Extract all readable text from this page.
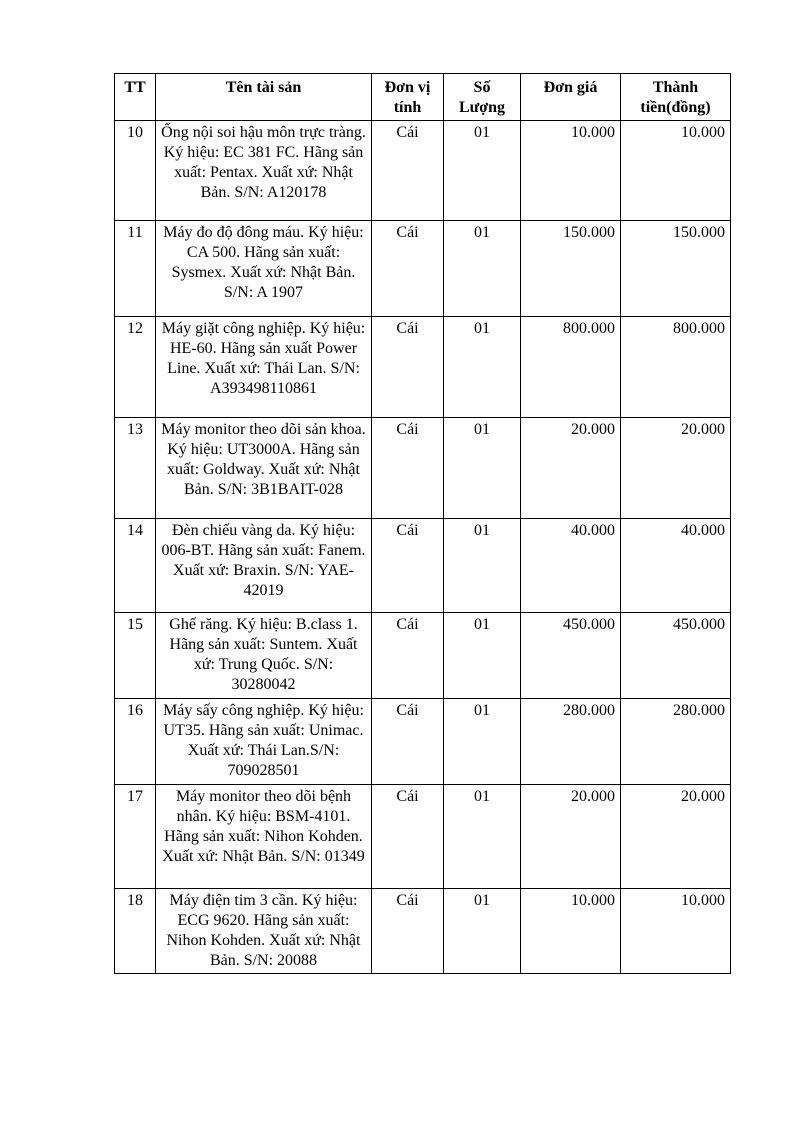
TT	Tên tài sản	Đơn vị tính	Số Lượng	Đơn giá	Thành tiền(đồng)
10	Ống nội soi hậu môn trực tràng. Ký hiệu: EC 381 FC. Hãng sản xuất: Pentax. Xuất xứ: Nhật Bản. S/N: A120178	Cái	01	10.000	10.000
11	Máy đo độ đông máu. Ký hiệu: CA 500. Hãng sản xuất: Sysmex. Xuất xứ: Nhật Bản. S/N: A 1907	Cái	01	150.000	150.000
12	Máy giặt công nghiệp. Ký hiệu: HE-60. Hãng sản xuất Power Line. Xuất xứ: Thái Lan. S/N: A393498110861	Cái	01	800.000	800.000
13	Máy monitor theo dõi sản khoa. Ký hiệu: UT3000A. Hãng sản xuất: Goldway. Xuất xứ: Nhật Bản. S/N: 3B1BAIT-028	Cái	01	20.000	20.000
14	Đèn chiếu vàng da. Ký hiệu: 006-BT. Hãng sản xuất: Fanem. Xuất xứ: Braxin. S/N: YAE-42019	Cái	01	40.000	40.000
15	Ghế răng. Ký hiệu: B.class 1. Hãng sản xuất: Suntem. Xuất xứ: Trung Quốc. S/N: 30280042	Cái	01	450.000	450.000
16	Máy sấy công nghiệp. Ký hiệu: UT35. Hãng sản xuất: Unimac. Xuất xứ: Thái Lan.S/N: 709028501	Cái	01	280.000	280.000
17	Máy monitor theo dõi bệnh nhân. Ký hiệu: BSM-4101. Hãng sản xuất: Nihon Kohden. Xuất xứ: Nhật Bản. S/N: 01349	Cái	01	20.000	20.000
18	Máy điện tim 3 cần. Ký hiệu: ECG 9620. Hãng sản xuất: Nihon Kohden. Xuất xứ: Nhật Bản. S/N: 20088	Cái	01	10.000	10.000
